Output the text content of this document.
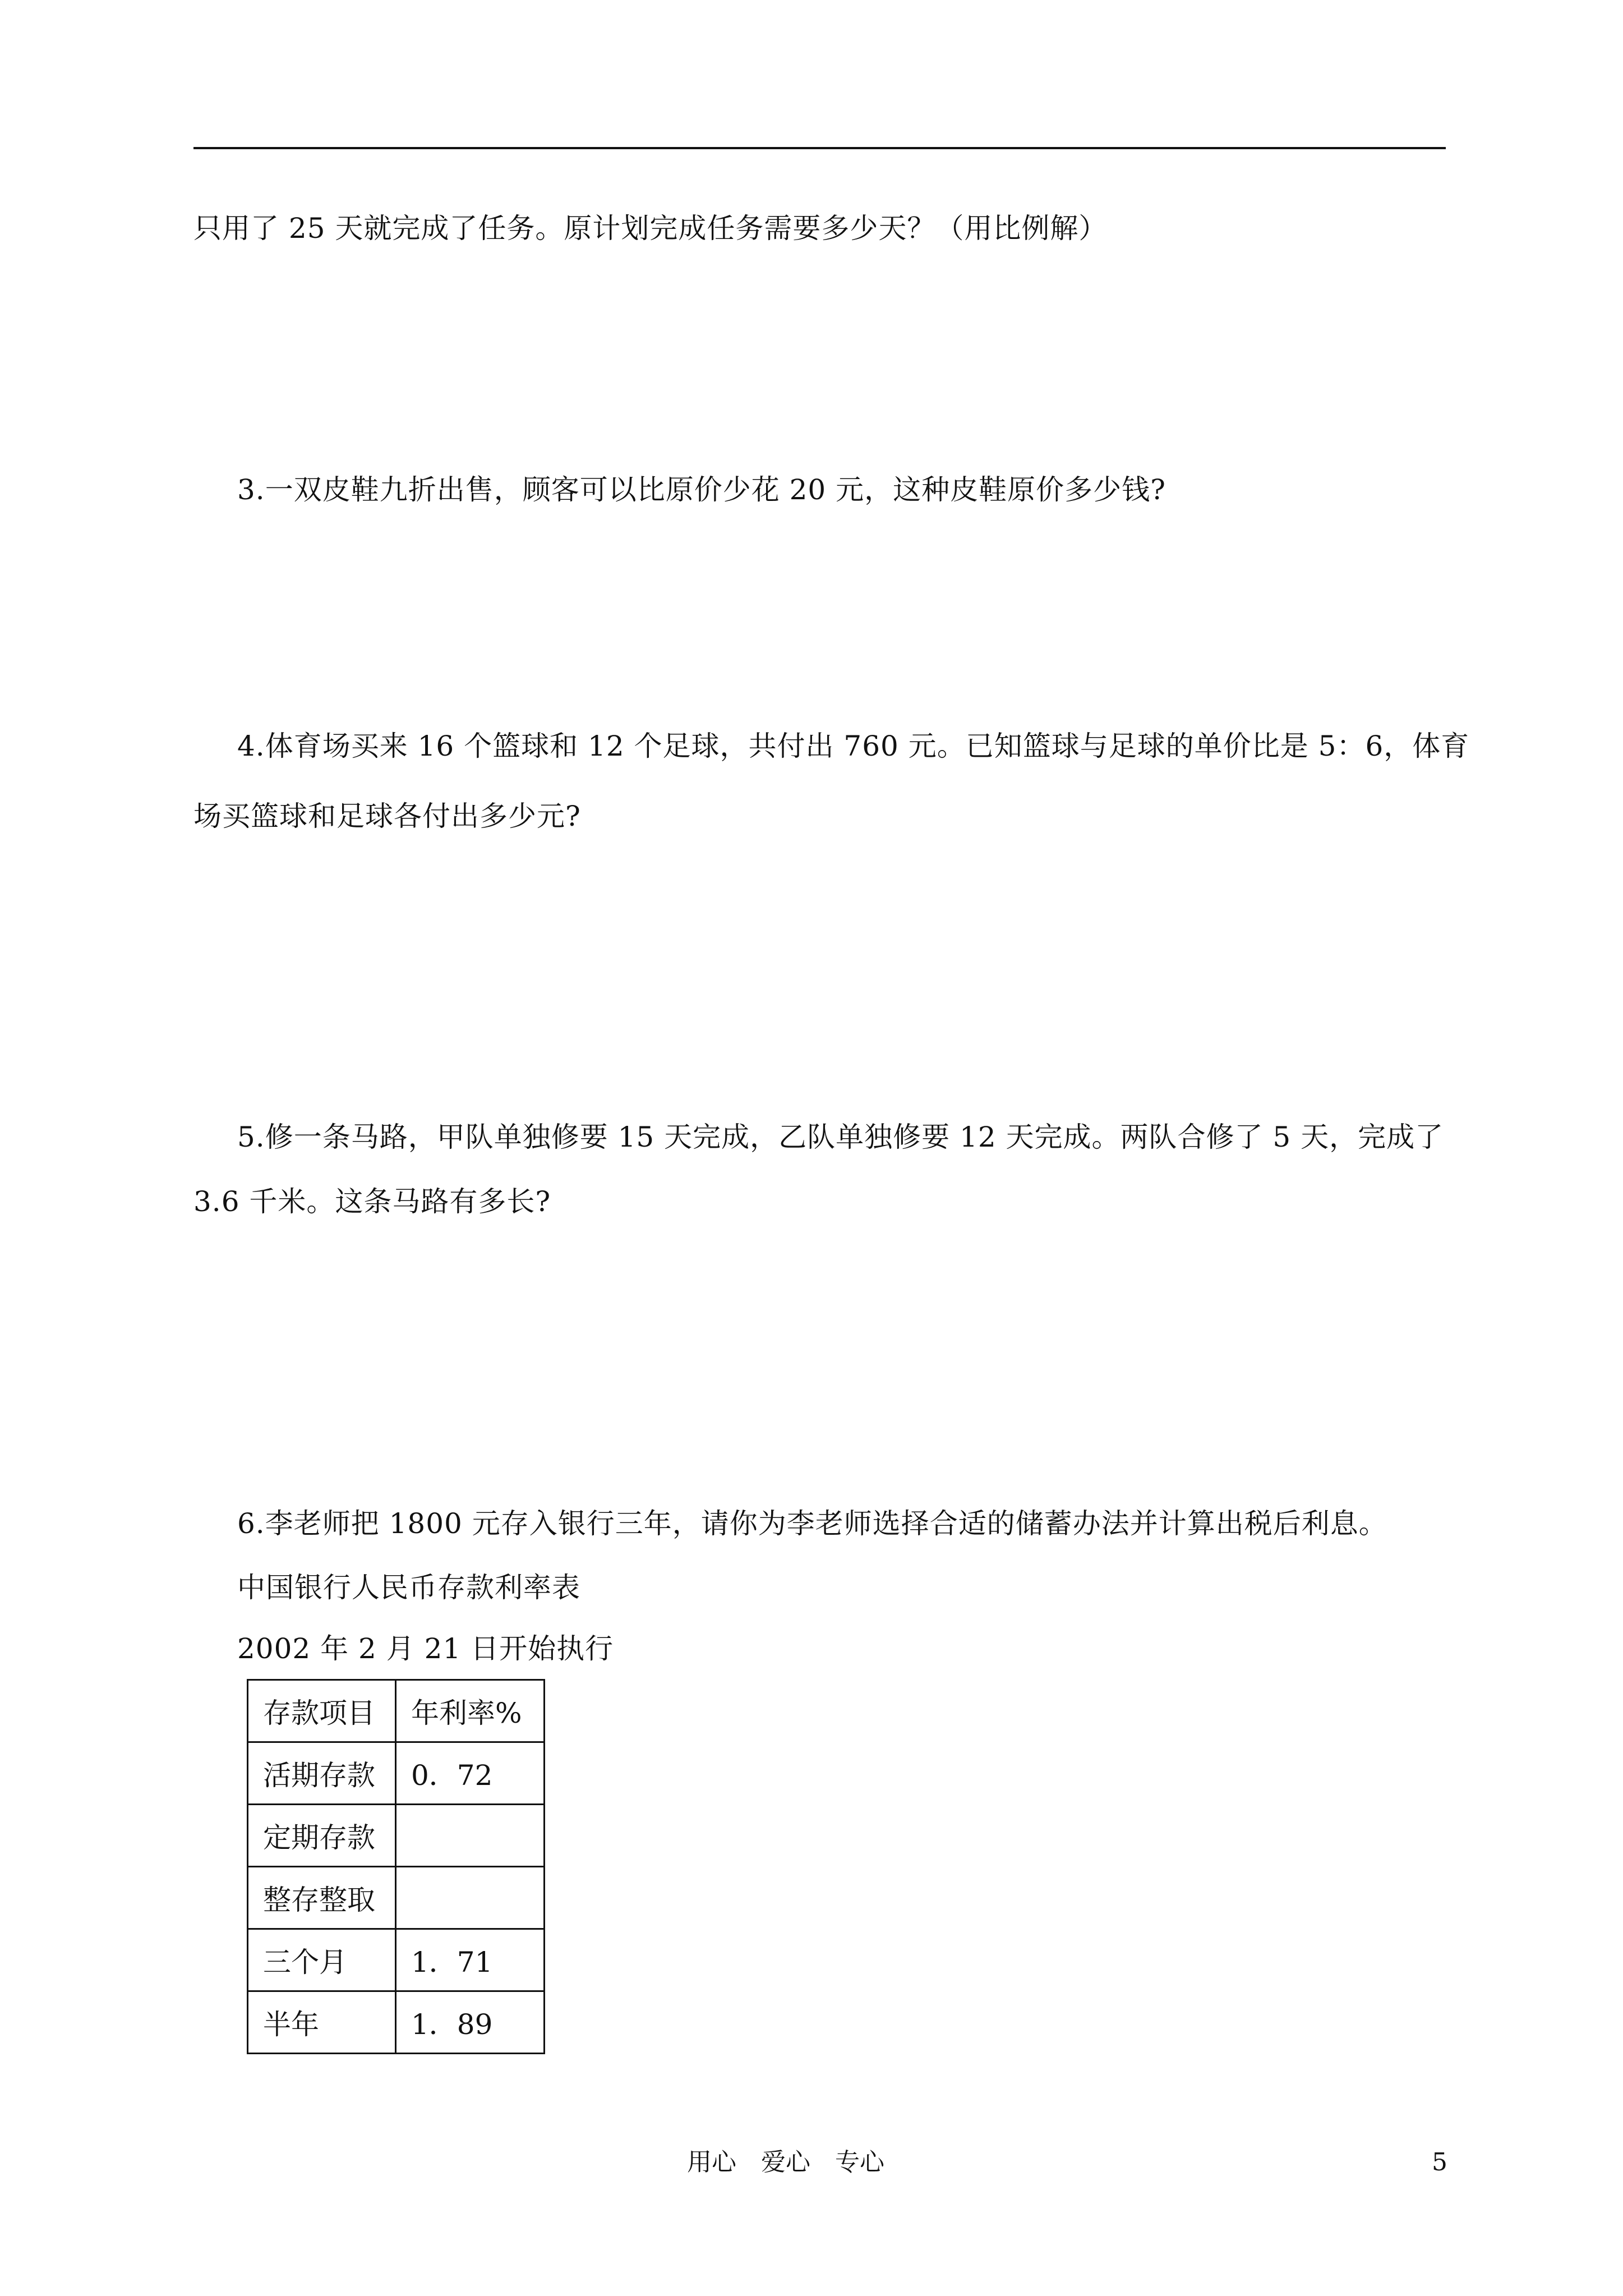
只用了 25 天就完成了任务。原计划完成任务需要多少天？（用比例解）
3.一双皮鞋九折出售，顾客可以比原价少花 20 元，这种皮鞋原价多少钱?
4.体育场买来 16 个篮球和 12 个足球，共付出 760 元。已知篮球与足球的单价比是 5：6，体育
场买篮球和足球各付出多少元?
5.修一条马路，甲队单独修要 15 天完成，乙队单独修要 12 天完成。两队合修了 5 天，完成了
3.6 千米。这条马路有多长?
6.李老师把 1800 元存入银行三年，请你为李老师选择合适的储蓄办法并计算出税后利息。
中国银行人民币存款利率表
2002 年 2 月 21 日开始执行
存款项目	年利率%
活期存款	0．72
定期存款	
整存整取	
三个月	1．71
半年	1．89
用心 爱心 专心	5
